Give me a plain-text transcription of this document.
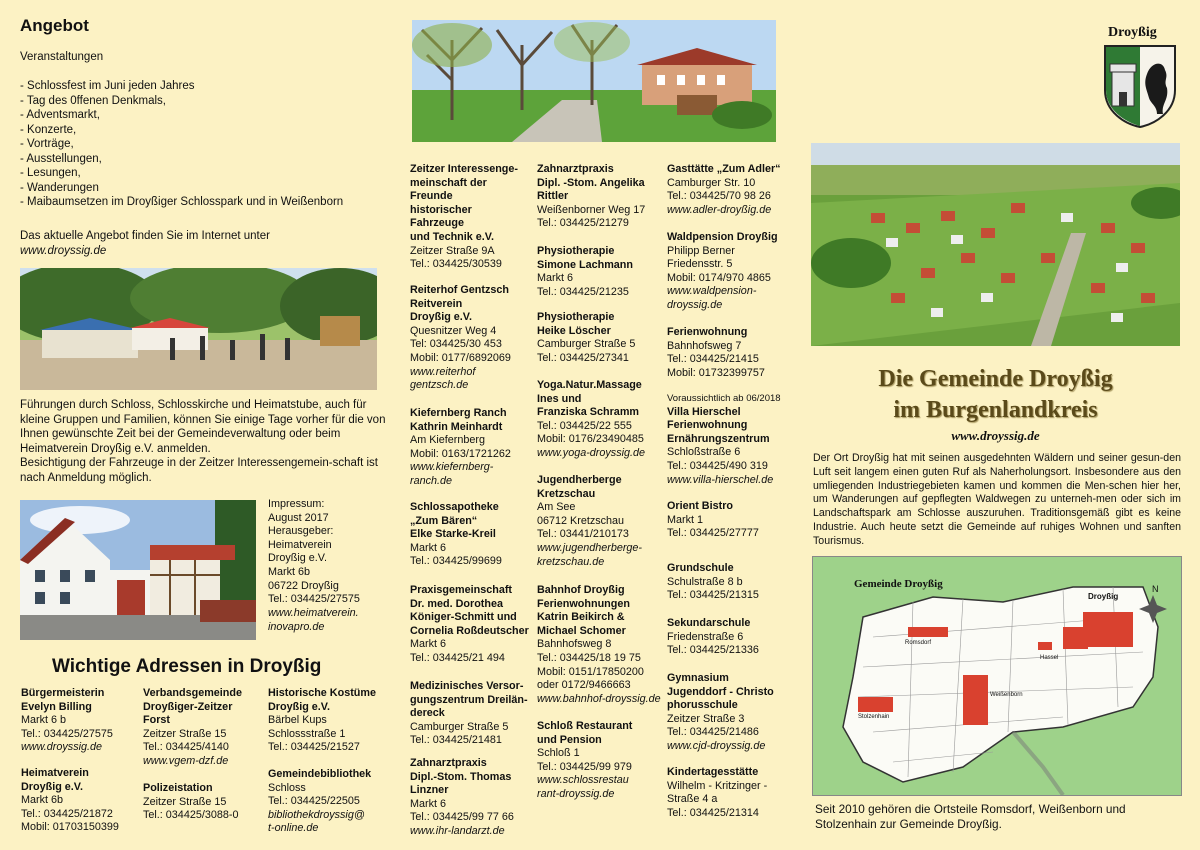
Angebot
Veranstaltungen
- Schlossfest im Juni jeden Jahres
- Tag des 0ffenen Denkmals,
- Adventsmarkt,
- Konzerte,
- Vorträge,
- Ausstellungen,
- Lesungen,
- Wanderungen
- Maibaumsetzen im Droyßiger Schlosspark und in Weißenborn
Das aktuelle Angebot finden Sie im Internet unter
www.droyssig.de
Führungen durch Schloss, Schlosskirche und Heimatstube, auch für kleine Gruppen und Familien, können Sie einige Tage vorher für die von Ihnen gewünschte Zeit bei der Gemeindeverwaltung oder beim Heimatverein Droyßig e.V. anmelden.
Besichtigung der Fahrzeuge in der Zeitzer Interessengemein-schaft ist nach Anmeldung möglich.
Impressum:
August 2017
Herausgeber:
Heimatverein
Droyßig e.V.
Markt 6b
06722 Droyßig
Tel.: 034425/27575
www.heimatverein.
inovapro.de
Wichtige Adressen in Droyßig
Bürgermeisterin
Evelyn Billing
Markt 6 b
Tel.: 034425/27575
www.droyssig.de
Heimatverein
Droyßig e.V.
Markt 6b
Tel.: 034425/21872
Mobil: 01703150399
Verbandsgemeinde
Droyßiger-Zeitzer
Forst
Zeitzer Straße 15
Tel.: 034425/4140
www.vgem-dzf.de
Polizeistation
Zeitzer Straße 15
Tel.: 034425/3088-0
Historische Kostüme
Droyßig e.V.
Bärbel Kups
Schlossstraße 1
Tel.: 034425/21527
Gemeindebibliothek
Schloss
Tel.: 034425/22505
bibliothekdroyssig@
t-online.de
Zeitzer Interessenge-
meinschaft der
Freunde
historischer
Fahrzeuge
und Technik e.V.
Zeitzer Straße 9A
Tel.: 034425/30539
Reiterhof Gentzsch
Reitverein
Droyßig e.V.
Quesnitzer Weg 4
Tel: 034425/30 453
Mobil: 0177/6892069
www.reiterhof
gentzsch.de
Kiefernberg Ranch
Kathrin Meinhardt
Am Kiefernberg
Mobil: 0163/1721262
www.kiefernberg-
ranch.de
Schlossapotheke
„Zum Bären“
Elke Starke-Kreil
Markt 6
Tel.: 034425/99699
Praxisgemeinschaft
Dr. med. Dorothea
Königer-Schmitt und
Cornelia Roßdeutscher
Markt 6
Tel.: 034425/21 494
Medizinisches Versor-
gungszentrum Dreilän-
dereck
Camburger Straße 5
Tel.: 034425/21481
Zahnarztpraxis
Dipl.-Stom. Thomas
Linzner
Markt 6
Tel.: 034425/99 77 66
www.ihr-landarzt.de
Zahnarztpraxis
Dipl. -Stom. Angelika
Rittler
Weißenborner Weg 17
Tel.: 034425/21279
Physiotherapie
Simone Lachmann
Markt 6
Tel.: 034425/21235
Physiotherapie
Heike Löscher
Camburger Straße 5
Tel.: 034425/27341
Yoga.Natur.Massage
Ines und
Franziska Schramm
Tel.: 034425/22 555
Mobil: 0176/23490485
www.yoga-droyssig.de
Jugendherberge
Kretzschau
Am See
06712 Kretzschau
Tel.: 03441/210173
www.jugendherberge-
kretzschau.de
Bahnhof Droyßig
Ferienwohnungen
Katrin Beikirch &
Michael Schomer
Bahnhofsweg 8
Tel.: 034425/18 19 75
Mobil: 0151/17850200
oder 0172/9466663
www.bahnhof-droyssig.de
Schloß Restaurant
und Pension
Schloß 1
Tel.: 034425/99 979
www.schlossrestau
rant-droyssig.de
Gasttätte „Zum Adler“
Camburger Str. 10
Tel.: 034425/70 98 26
www.adler-droyßig.de
Waldpension Droyßig
Philipp Berner
Friedensstr. 5
Mobil: 0174/970 4865
www.waldpension-
droyssig.de
Ferienwohnung
Bahnhofsweg 7
Tel.: 034425/21415
Mobil: 01732399757
Voraussichtlich ab 06/2018
Villa Hierschel
Ferienwohnung
Ernährungszentrum
Schloßstraße 6
Tel.: 034425/490 319
www.villa-hierschel.de
Orient Bistro
Markt 1
Tel.: 034425/27777
Grundschule
Schulstraße 8 b
Tel.: 034425/21315
Sekundarschule
Friedenstraße 6
Tel.: 034425/21336
Gymnasium
Jugenddorf - Christo
phorusschule
Zeitzer Straße 3
Tel.: 034425/21486
www.cjd-droyssig.de
Kindertagesstätte
Wilhelm - Kritzinger -
Straße 4 a
Tel.: 034425/21314
Droyßig
Die Gemeinde Droyßig
im Burgenlandkreis
www.droyssig.de
Der Ort Droyßig hat mit seinen ausgedehnten Wäldern und seiner gesun-den Luft seit langem einen guten Ruf als Naherholungsort. Insbesondere aus den umliegenden Industriegebieten kamen und kommen die Men-schen hier her, um Wanderungen auf gepflegten Waldwegen zu unterneh-men oder sich im Landschaftspark am Schlosse auszuruhen. Traditionsgemäß gibt es keine Industrie. Auch heute setzt die Gemeinde auf ruhiges Wohnen und sanften Tourismus.
Gemeinde Droyßig	N
Droyßig
Romsdorf
Hassel
Weißenborn
Stolzenhain
Seit 2010 gehören die Ortsteile Romsdorf, Weißenborn und
Stolzenhain zur Gemeinde Droyßig.
